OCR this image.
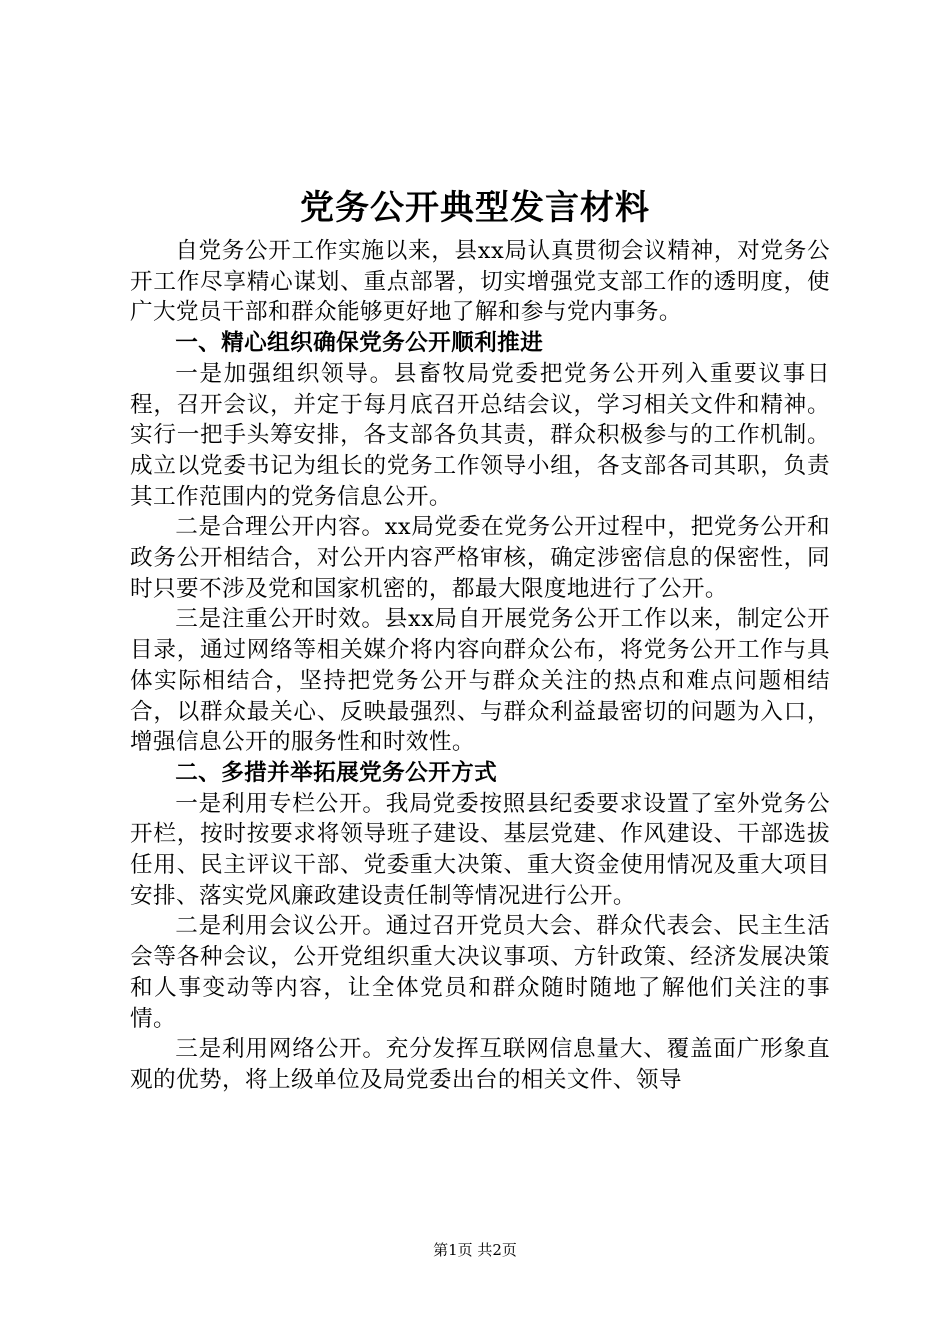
党务公开典型发言材料

自党务公开工作实施以来，县xx局认真贯彻会议精神，对党务公开工作尽享精心谋划、重点部署，切实增强党支部工作的透明度，使广大党员干部和群众能够更好地了解和参与党内事务。

一、精心组织确保党务公开顺利推进

一是加强组织领导。县畜牧局党委把党务公开列入重要议事日程，召开会议，并定于每月底召开总结会议，学习相关文件和精神。实行一把手头筹安排，各支部各负其责，群众积极参与的工作机制。成立以党委书记为组长的党务工作领导小组，各支部各司其职，负责其工作范围内的党务信息公开。

二是合理公开内容。xx局党委在党务公开过程中，把党务公开和政务公开相结合，对公开内容严格审核，确定涉密信息的保密性，同时只要不涉及党和国家机密的，都最大限度地进行了公开。

三是注重公开时效。县xx局自开展党务公开工作以来，制定公开目录，通过网络等相关媒介将内容向群众公布，将党务公开工作与具体实际相结合，坚持把党务公开与群众关注的热点和难点问题相结合，以群众最关心、反映最强烈、与群众利益最密切的问题为入口，增强信息公开的服务性和时效性。

二、多措并举拓展党务公开方式

一是利用专栏公开。我局党委按照县纪委要求设置了室外党务公开栏，按时按要求将领导班子建设、基层党建、作风建设、干部选拔任用、民主评议干部、党委重大决策、重大资金使用情况及重大项目安排、落实党风廉政建设责任制等情况进行公开。

二是利用会议公开。通过召开党员大会、群众代表会、民主生活会等各种会议，公开党组织重大决议事项、方针政策、经济发展决策和人事变动等内容，让全体党员和群众随时随地了解他们关注的事情。

三是利用网络公开。充分发挥互联网信息量大、覆盖面广形象直观的优势，将上级单位及局党委出台的相关文件、领导

第1页 共2页
